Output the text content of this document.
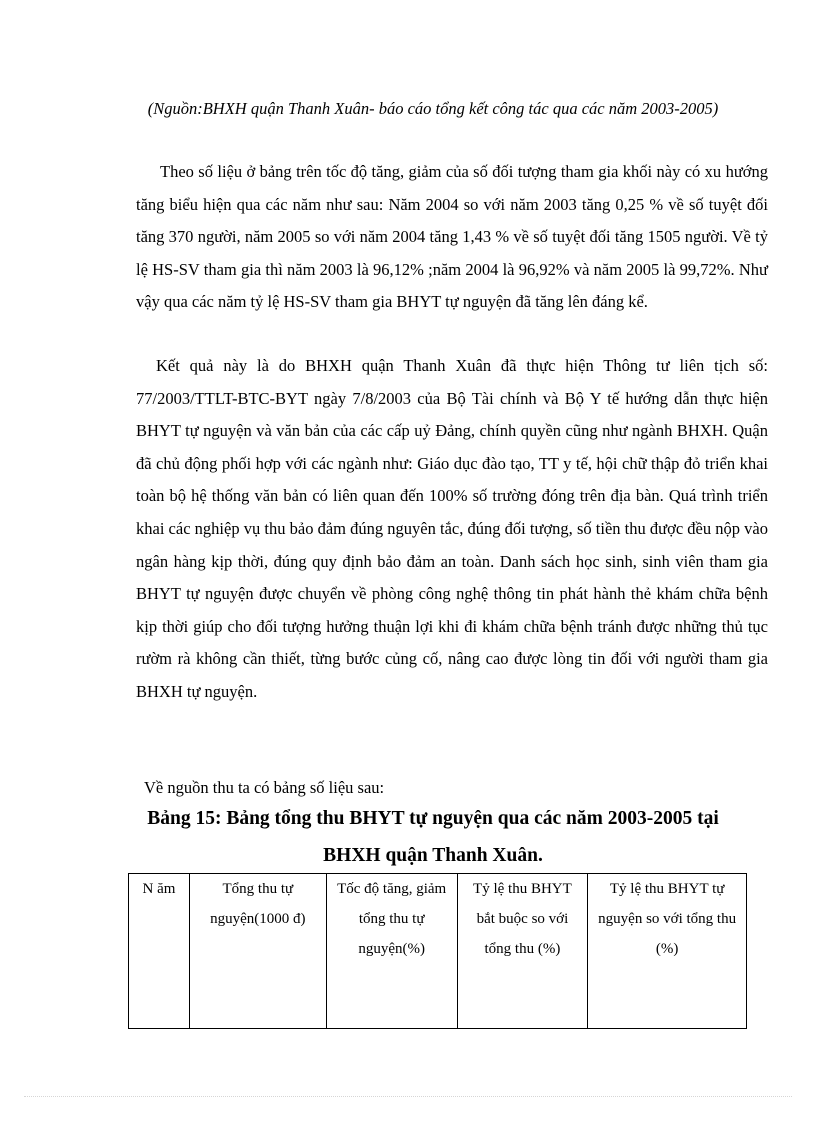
(Nguồn:BHXH quận Thanh Xuân- báo cáo tổng kết công tác qua các năm 2003-2005)

Theo số liệu ở bảng trên tốc độ tăng, giảm của số đối tượng tham gia khối này có xu hướng tăng biểu hiện qua các năm như sau: Năm 2004 so với năm 2003 tăng 0,25 % về số tuyệt đối tăng 370 người, năm 2005 so với năm 2004 tăng 1,43 % về số tuyệt đối tăng 1505 người. Về tỷ lệ HS-SV tham gia thì năm 2003 là 96,12% ;năm 2004 là 96,92% và năm 2005 là 99,72%. Như vậy qua các năm tỷ lệ HS-SV tham gia BHYT tự nguyện đã tăng lên đáng kể.

Kết quả này là do BHXH quận Thanh Xuân đã thực hiện Thông tư liên tịch số: 77/2003/TTLT-BTC-BYT ngày 7/8/2003 của Bộ Tài chính và Bộ Y tế hướng dẫn thực hiện BHYT tự nguyện và văn bản của các cấp uỷ Đảng, chính quyền cũng như ngành BHXH. Quận đã chủ động phối hợp với các ngành như: Giáo dục đào tạo, TT y tế, hội chữ thập đỏ triển khai toàn bộ hệ thống văn bản có liên quan đến 100% số trường đóng trên địa bàn. Quá trình triển khai các nghiệp vụ thu bảo đảm đúng nguyên tắc, đúng đối tượng, số tiền thu được đều nộp vào ngân hàng kịp thời, đúng quy định bảo đảm an toàn. Danh sách học sinh, sinh viên tham gia BHYT tự nguyện được chuyển về phòng công nghệ thông tin phát hành thẻ khám chữa bệnh kịp thời giúp cho đối tượng hưởng thuận lợi khi đi khám chữa bệnh tránh được những thủ tục rườm rà không cần thiết, từng bước củng cố, nâng cao được lòng tin đối với người tham gia BHXH tự nguyện.

Về nguồn thu ta có bảng số liệu sau:

Bảng 15: Bảng tổng thu BHYT tự nguyện qua các năm 2003-2005 tại BHXH quận Thanh Xuân.
N ăm	Tổng thu tự nguyện(1000 đ)	Tốc độ tăng, giảm tổng thu tự nguyện(%)	Tỷ lệ thu BHYT bắt buộc so với tổng thu (%)	Tỷ lệ thu BHYT tự nguyện so với tổng thu (%)
